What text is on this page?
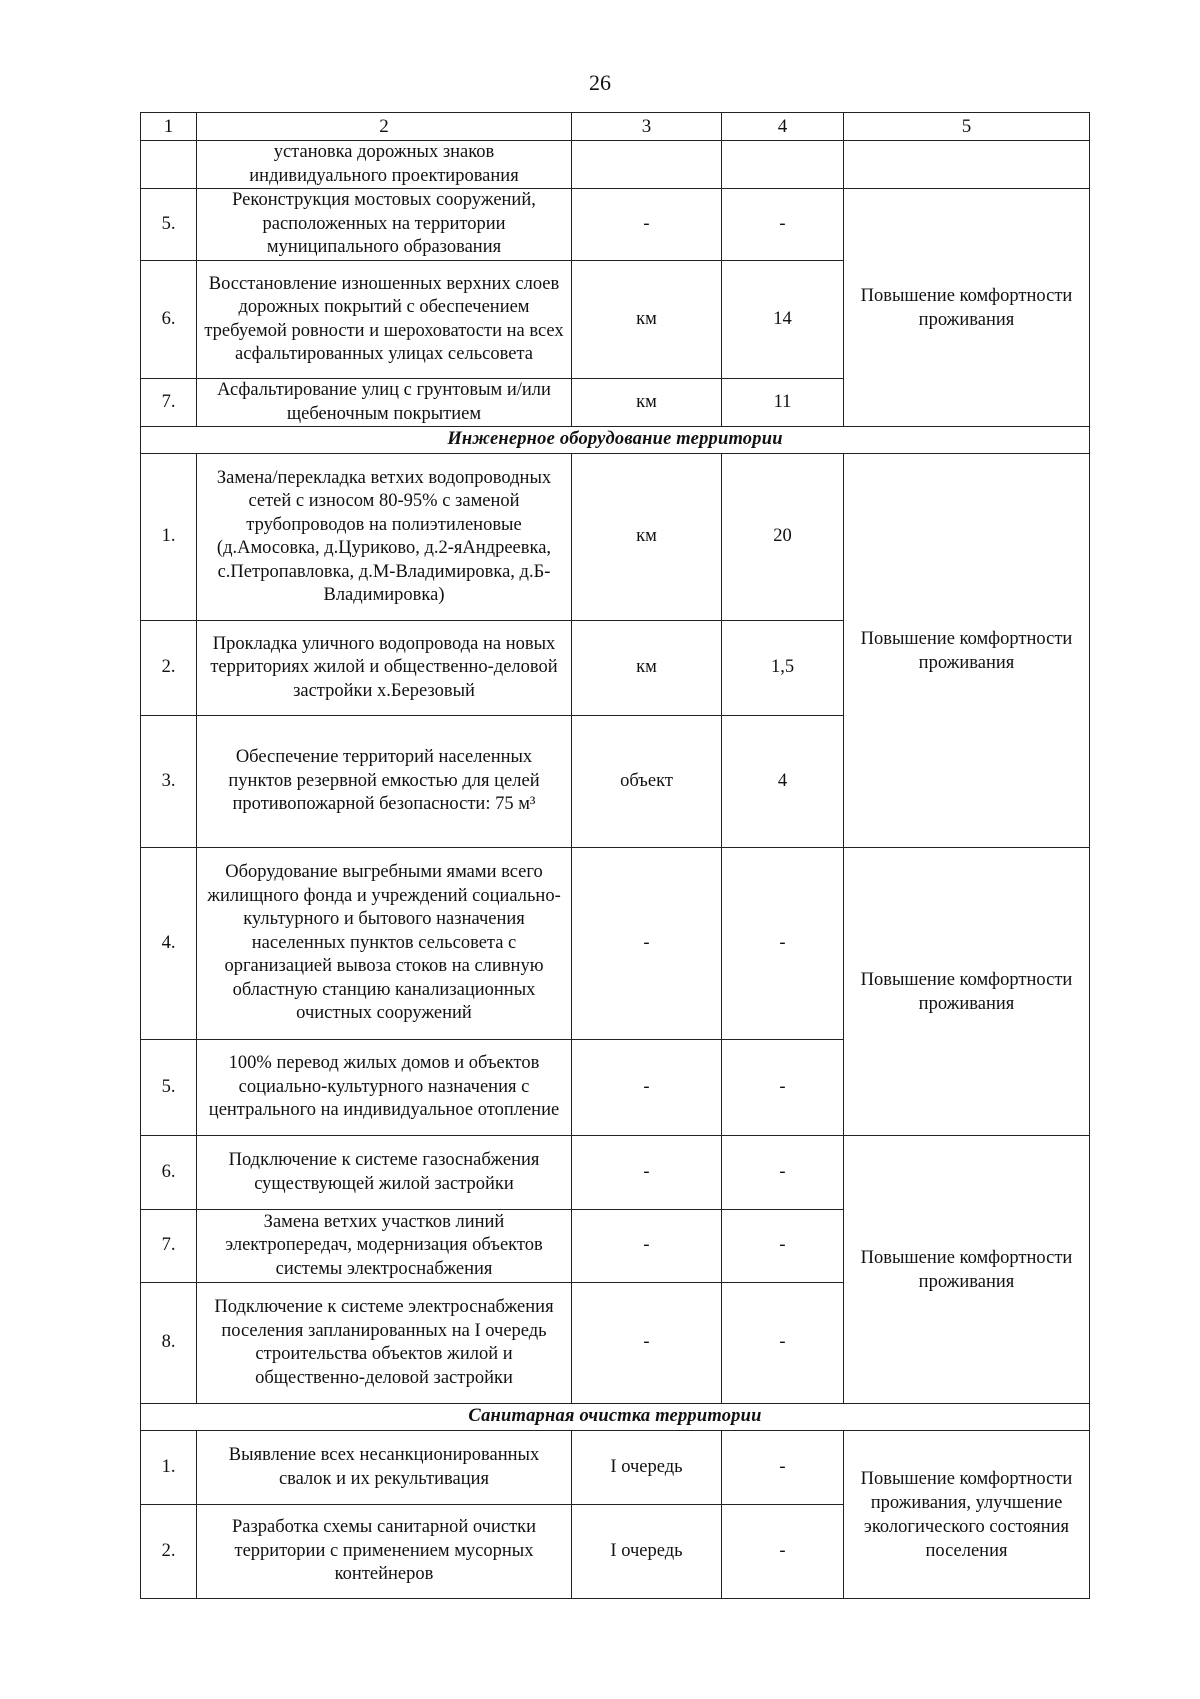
26
1	2	3	4	5
	установка дорожных знаков индивидуального проектирования			
5.	Реконструкция мостовых сооружений, расположенных на территории муниципального образования	-	-	Повышение комфортности проживания
6.	Восстановление изношенных верхних слоев дорожных покрытий с обеспечением требуемой ровности и шероховатости на всех асфальтированных улицах сельсовета	км	14	
7.	Асфальтирование улиц с грунтовым и/или щебеночным покрытием	км	11	
Инженерное оборудование территории				
1.	Замена/перекладка ветхих водопроводных сетей с износом 80-95% с заменой трубопроводов на полиэтиленовые (д.Амосовка, д.Цуриково, д.2-яАндреевка, с.Петропавловка, д.М-Владимировка, д.Б-Владимировка)	км	20	Повышение комфортности проживания
2.	Прокладка уличного водопровода на новых территориях жилой и общественно-деловой застройки х.Березовый	км	1,5	
3.	Обеспечение территорий населенных пунктов резервной емкостью для целей противопожарной безопасности: 75 м³	объект	4	
4.	Оборудование выгребными ямами всего жилищного фонда и учреждений социально-культурного и бытового назначения населенных пунктов сельсовета с организацией вывоза стоков на сливную областную станцию канализационных очистных сооружений	-	-	Повышение комфортности проживания
5.	100% перевод жилых домов и объектов социально-культурного назначения с центрального на индивидуальное отопление	-	-	
6.	Подключение к системе газоснабжения существующей жилой застройки	-	-	Повышение комфортности проживания
7.	Замена ветхих участков линий электропередач, модернизация объектов системы электроснабжения	-	-	
8.	Подключение к системе электроснабжения поселения запланированных на I очередь строительства объектов жилой и общественно-деловой застройки	-	-	
Санитарная очистка территории				
1.	Выявление всех несанкционированных свалок и их рекультивация	I очередь	-	Повышение комфортности проживания, улучшение экологического состояния поселения
2.	Разработка схемы санитарной очистки территории с применением мусорных контейнеров	I очередь	-	
